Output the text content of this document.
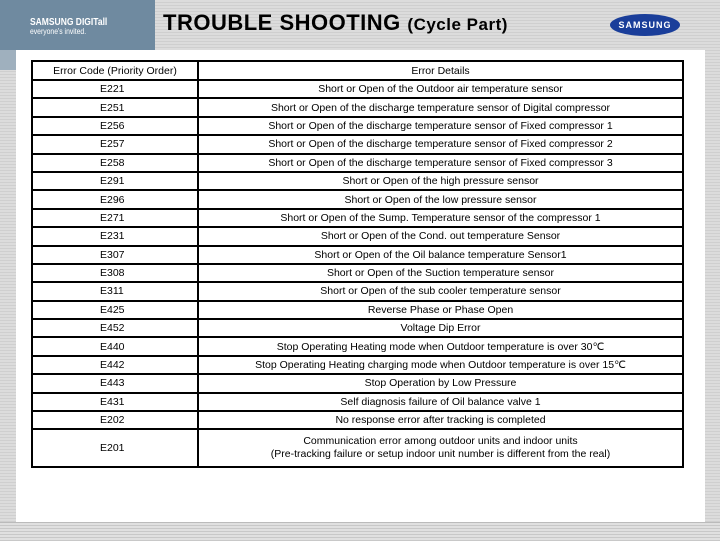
SAMSUNG DIGITall
everyone's invited.	TROUBLE SHOOTING (Cycle Part)	SAMSUNG
Error Code (Priority Order)	Error Details
E221	Short or Open of the Outdoor air temperature sensor
E251	Short or Open of the discharge temperature sensor of Digital compressor
E256	Short or Open of the discharge temperature sensor of Fixed compressor 1
E257	Short or Open of the discharge temperature sensor of Fixed compressor 2
E258	Short or Open of the discharge temperature sensor of Fixed compressor 3
E291	Short or Open of the high pressure sensor
E296	Short or Open of the low pressure sensor
E271	Short or Open of the Sump. Temperature sensor of the compressor 1
E231	Short or Open of the Cond. out temperature Sensor
E307	Short or Open of the Oil balance temperature Sensor1
E308	Short or Open of the Suction temperature sensor
E311	Short or Open of the sub cooler temperature sensor
E425	Reverse Phase or Phase Open
E452	Voltage Dip Error
E440	Stop Operating Heating mode when Outdoor temperature is over 30℃
E442	Stop Operating Heating charging mode when Outdoor temperature is over 15℃
E443	Stop Operation by Low Pressure
E431	Self diagnosis failure of Oil balance valve 1
E202	No response error after tracking is completed
E201	Communication error among outdoor units and indoor units
(Pre-tracking failure or setup indoor unit number is different from the real)
